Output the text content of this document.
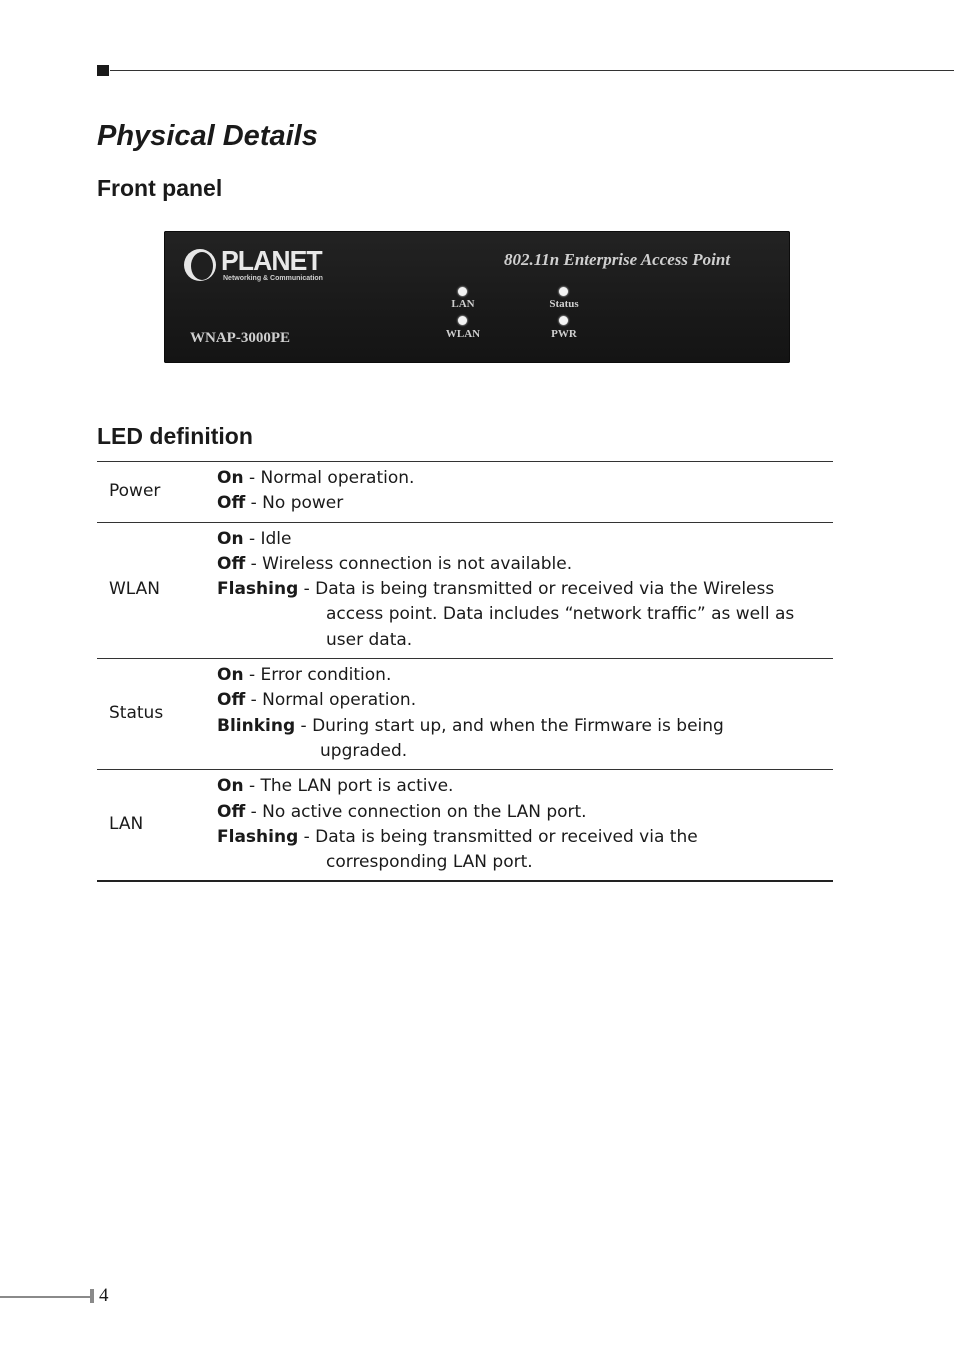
Physical Details
Front panel
PLANET
Networking & Communication
802.11n Enterprise Access Point
WNAP-3000PE
LAN
WLAN
Status
PWR
LED definition
Power	On - Normal operation.
Off - No power

WLAN	On - Idle
Off - Wireless connection is not available.
Flashing - Data is being transmitted or received via the Wireless
access point. Data includes “network traffic” as well as
user data.

Status	On - Error condition.
Off - Normal operation.
Blinking - During start up, and when the Firmware is being
upgraded.

LAN	On - The LAN port is active.
Off - No active connection on the LAN port.
Flashing - Data is being transmitted or received via the
corresponding LAN port.
4
